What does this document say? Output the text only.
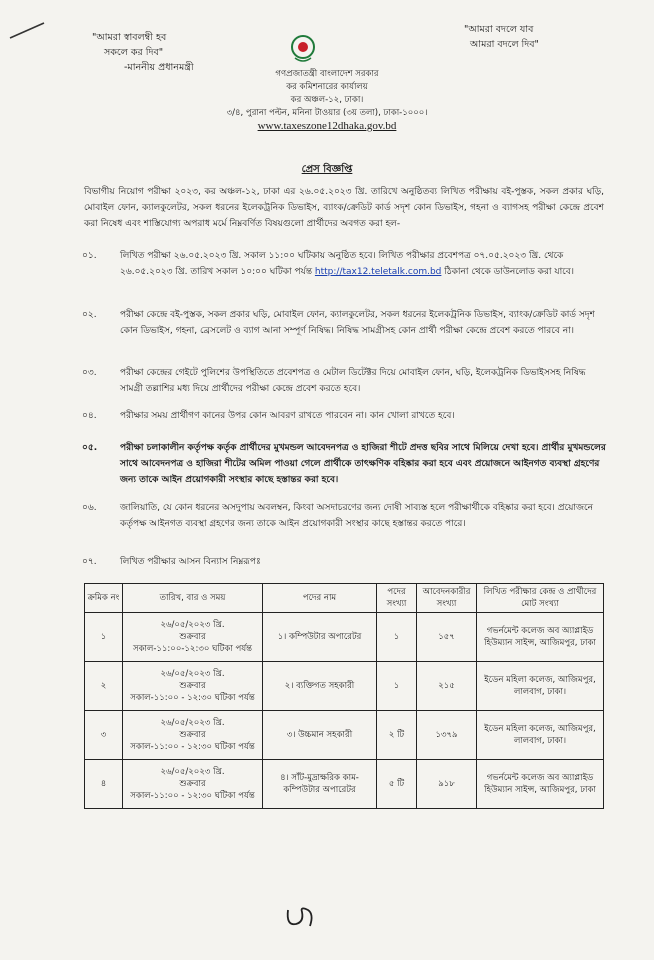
"আমরা স্বাবলম্বী হব
সকলে কর দিব"
-মাননীয় প্রধানমন্ত্রী
"আমরা বদলে যাব
আমরা বদলে দিব"
গণপ্রজাতন্ত্রী বাংলাদেশ সরকার
কর কমিশনারের কার্যালয়
কর অঞ্চল-১২, ঢাকা।
৩/৪, পুরানা পল্টন, মনিনা টাওয়ার (৩য় তলা), ঢাকা-১০০০।
www.taxeszone12dhaka.gov.bd
প্রেস বিজ্ঞপ্তি
বিভাগীয় নিয়োগ পরীক্ষা ২০২৩, কর অঞ্চল-১২, ঢাকা এর ২৬.০৫.২০২৩ খ্রি. তারিখে অনুষ্ঠিতব্য লিখিত পরীক্ষায় বই-পুস্তক, সকল প্রকার ঘড়ি, মোবাইল ফোন, ক্যালকুলেটর, সকল ধরনের ইলেকট্রনিক ডিভাইস, ব্যাংক/ক্রেডিট কার্ড সদৃশ কোন ডিভাইস, গহনা ও ব্যাগসহ পরীক্ষা কেন্দ্রে প্রবেশ করা নিষেধ এবং শাস্তিযোগ্য অপরাধ মর্মে নিম্নবর্ণিত বিষয়গুলো প্রার্থীদের অবগত করা হল-
০১.	লিখিত পরীক্ষা ২৬.০৫.২০২৩ খ্রি. সকাল ১১:০০ ঘটিকায় অনুষ্ঠিত হবে। লিখিত পরীক্ষার প্রবেশপত্র ০৭.০৫.২০২৩ খ্রি. থেকে ২৬.০৫.২০২৩ খ্রি. তারিখ সকাল ১০:০০ ঘটিকা পর্যন্ত http://tax12.teletalk.com.bd ঠিকানা থেকে ডাউনলোড করা যাবে।
০২.	পরীক্ষা কেন্দ্রে বই-পুস্তক, সকল প্রকার ঘড়ি, মোবাইল ফোন, ক্যালকুলেটর, সকল ধরনের ইলেকট্রনিক ডিভাইস, ব্যাংক/ক্রেডিট কার্ড সদৃশ কোন ডিভাইস, গহনা, ব্রেসলেট ও ব্যাগ আনা সম্পূর্ণ নিষিদ্ধ। নিষিদ্ধ সামগ্রীসহ কোন প্রার্থী পরীক্ষা কেন্দ্রে প্রবেশ করতে পারবে না।
০৩.	পরীক্ষা কেন্দ্রের গেইটে পুলিশের উপস্থিতিতে প্রবেশপত্র ও মেটাল ডিটেক্টর দিয়ে মোবাইল ফোন, ঘড়ি, ইলেকট্রনিক ডিভাইসসহ নিষিদ্ধ সামগ্রী তল্লাশির মধ্য দিয়ে প্রার্থীদের পরীক্ষা কেন্দ্রে প্রবেশ করতে হবে।
০৪.	পরীক্ষার সময় প্রার্থীগণ কানের উপর কোন আবরণ রাখতে পারবেন না। কান খোলা রাখতে হবে।
০৫.	পরীক্ষা চলাকালীন কর্তৃপক্ষ কর্তৃক প্রার্থীদের মুখমন্ডল আবেদনপত্র ও হাজিরা শীটে প্রদত্ত ছবির সাথে মিলিয়ে দেখা হবে। প্রার্থীর মুখমন্ডলের সাথে আবেদনপত্র ও হাজিরা শীটের অমিল পাওয়া গেলে প্রার্থীকে তাৎক্ষণিক বহিষ্কার করা হবে এবং প্রয়োজনে আইনগত ব্যবস্থা গ্রহণের জন্য তাকে আইন প্রয়োগকারী সংস্থার কাছে হস্তান্তর করা হবে।
০৬.	জালিয়াতি, যে কোন ধরনের অসদুপায় অবলম্বন, কিংবা অসদাচরণের জন্য দোষী সাব্যস্ত হলে পরীক্ষার্থীকে বহিষ্কার করা হবে। প্রয়োজনে কর্তৃপক্ষ আইনগত ব্যবস্থা গ্রহণের জন্য তাকে আইন প্রয়োগকারী সংস্থার কাছে হস্তান্তর করতে পারে।
০৭.	লিখিত পরীক্ষার আসন বিন্যাস নিম্নরূপঃ
ক্রমিক নং	তারিখ, বার ও সময়	পদের নাম	পদের সংখ্যা	আবেদনকারীর সংখ্যা	লিখিত পরীক্ষার কেন্দ্র ও প্রার্থীদের মোট সংখ্যা
১	২৬/০৫/২০২৩ খ্রি.
শুক্রবার
সকাল-১১:০০-১২:৩০ ঘটিকা পর্যন্ত	১। কম্পিউটার অপারেটর	১	১৫৭	গভর্নমেন্ট কলেজ অব অ্যাপ্লাইড হিউম্যান সাইন্স, আজিমপুর, ঢাকা
২	২৬/০৫/২০২৩ খ্রি.
শুক্রবার
সকাল-১১:০০ - ১২:৩০ ঘটিকা পর্যন্ত	২। ব্যক্তিগত সহকারী	১	২১৫	ইডেন মহিলা কলেজ, আজিমপুর, লালবাগ, ঢাকা।
৩	২৬/০৫/২০২৩ খ্রি.
শুক্রবার
সকাল-১১:০০ - ১২:৩০ ঘটিকা পর্যন্ত	৩। উচ্চমান সহকারী	২ টি	১৩৭৯	ইডেন মহিলা কলেজ, আজিমপুর, লালবাগ, ঢাকা।
৪	২৬/০৫/২০২৩ খ্রি.
শুক্রবার
সকাল-১১:০০ - ১২:৩০ ঘটিকা পর্যন্ত	৪। সাঁট-মুদ্রাক্ষরিক কাম-কম্পিউটার অপারেটর	৫ টি	৯১৮	গভর্নমেন্ট কলেজ অব অ্যাপ্লাইড হিউম্যান সাইন্স, আজিমপুর, ঢাকা
